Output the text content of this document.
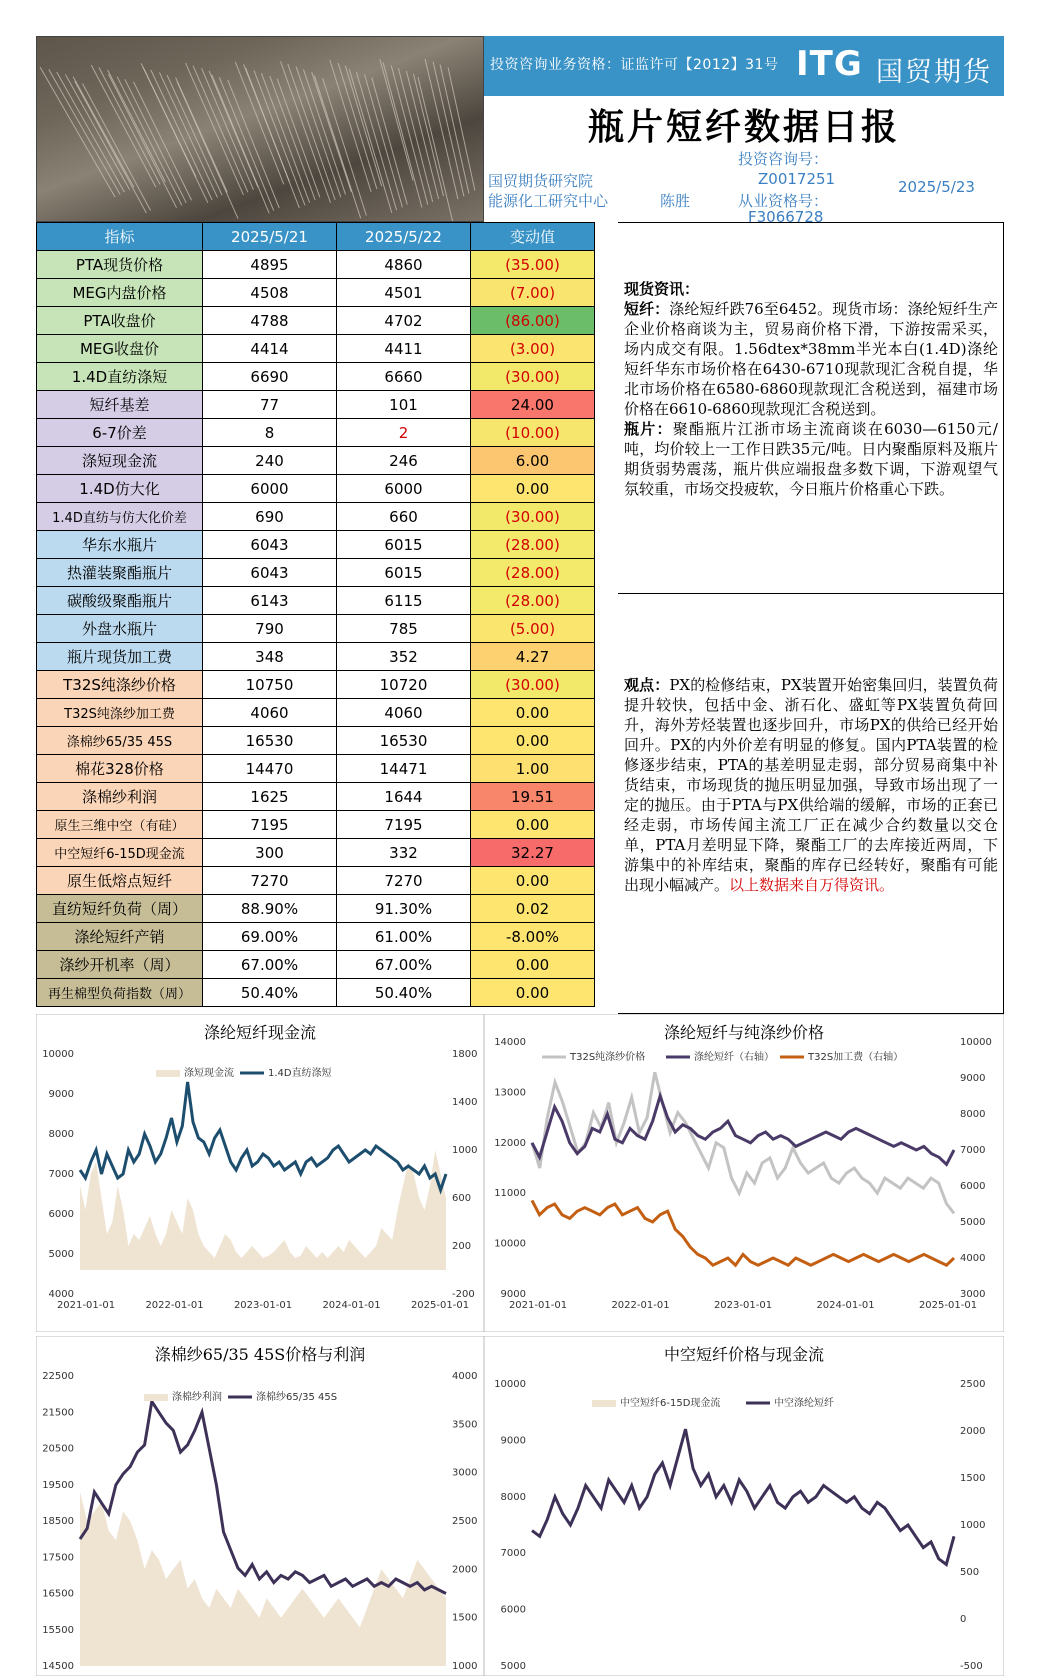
投资咨询业务资格：证监许可【2012】31号 ITG 国贸期货
瓶片短纤数据日报
国贸期货研究院
能源化工研究中心	陈胜
投资咨询号：
Z0017251
从业资格号：
F3066728
2025/5/23
指标	2025/5/21	2025/5/22	变动值
PTA现货价格	4895	4860	(35.00)
MEG内盘价格	4508	4501	(7.00)
PTA收盘价	4788	4702	(86.00)
MEG收盘价	4414	4411	(3.00)
1.4D直纺涤短	6690	6660	(30.00)
短纤基差	77	101	24.00
6-7价差	8	2	(10.00)
涤短现金流	240	246	6.00
1.4D仿大化	6000	6000	0.00
1.4D直纺与仿大化价差	690	660	(30.00)
华东水瓶片	6043	6015	(28.00)
热灌装聚酯瓶片	6043	6015	(28.00)
碳酸级聚酯瓶片	6143	6115	(28.00)
外盘水瓶片	790	785	(5.00)
瓶片现货加工费	348	352	4.27
T32S纯涤纱价格	10750	10720	(30.00)
T32S纯涤纱加工费	4060	4060	0.00
涤棉纱65/35 45S	16530	16530	0.00
棉花328价格	14470	14471	1.00
涤棉纱利润	1625	1644	19.51
原生三维中空（有硅）	7195	7195	0.00
中空短纤6-15D现金流	300	332	32.27
原生低熔点短纤	7270	7270	0.00
直纺短纤负荷（周）	88.90%	91.30%	0.02
涤纶短纤产销	69.00%	61.00%	-8.00%
涤纱开机率（周）	67.00%	67.00%	0.00
再生棉型负荷指数（周）	50.40%	50.40%	0.00
现货资讯：
短纤：涤纶短纤跌76至6452。现货市场：涤纶短纤生产企业价格商谈为主，贸易商价格下滑，下游按需采买，场内成交有限。1.56dtex*38mm半光本白(1.4D)涤纶短纤华东市场价格在6430-6710现款现汇含税自提，华北市场价格在6580-6860现款现汇含税送到，福建市场价格在6610-6860现款现汇含税送到。
瓶片：聚酯瓶片江浙市场主流商谈在6030—6150元/吨，均价较上一工作日跌35元/吨。日内聚酯原料及瓶片期货弱势震荡，瓶片供应端报盘多数下调，下游观望气氛较重，市场交投疲软，今日瓶片价格重心下跌。
观点：PX的检修结束，PX装置开始密集回归，装置负荷提升较快，包括中金、浙石化、盛虹等PX装置负荷回升，海外芳烃装置也逐步回升，市场PX的供给已经开始回升。PX的内外价差有明显的修复。国内PTA装置的检修逐步结束，PTA的基差明显走弱，部分贸易商集中补货结束，市场现货的抛压明显加强，导致市场出现了一定的抛压。由于PTA与PX供给端的缓解，市场的正套已经走弱，市场传闻主流工厂正在减少合约数量以交仓单，PTA月差明显下降，聚酯工厂的去库接近两周，下游集中的补库结束，聚酯的库存已经转好，聚酯有可能出现小幅减产。以上数据来自万得资讯。
涤纶短纤现金流
10000
9000
8000
7000
6000
5000
4000
1800
1400
1000
600
200
-200
2021-01-01	2022-01-01	2023-01-01	2024-01-01	2025-01-01
涤短现金流	1.4D直纺涤短
涤纶短纤与纯涤纱价格
14000
13000
12000
11000
10000
9000
10000
9000
8000
7000
6000
5000
4000
3000
2021-01-01	2022-01-01	2023-01-01	2024-01-01	2025-01-01
T32S纯涤纱价格	涤纶短纤（右轴）	T32S加工费（右轴）
涤棉纱65/35 45S价格与利润
22500
21500
20500
19500
18500
17500
16500
15500
14500
4000
3500
3000
2500
2000
1500
1000
涤棉纱利润	涤棉纱65/35 45S
中空短纤价格与现金流
10000
9000
8000
7000
6000
5000
2500
2000
1500
1000
500
0
-500
中空短纤6-15D现金流	中空涤纶短纤
